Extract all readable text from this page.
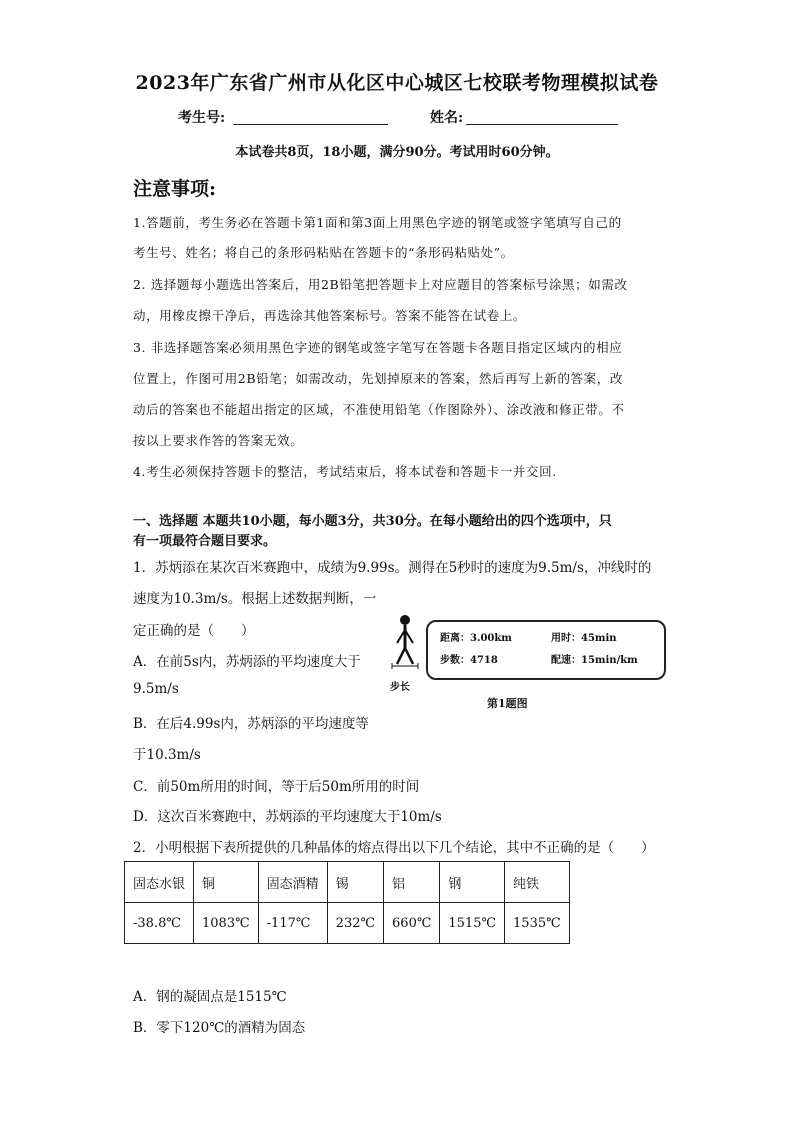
2023年广东省广州市从化区中心城区七校联考物理模拟试卷
考生号:	姓名:
本试卷共8页，18小题，满分90分。考试用时60分钟。
注意事项:
1.答题前，考生务必在答题卡第1面和第3面上用黑色字迹的钢笔或签字笔填写自己的
考生号、姓名；将自己的条形码粘贴在答题卡的“条形码粘贴处”。
2. 选择题每小题选出答案后，用2B铅笔把答题卡上对应题目的答案标号涂黑；如需改
动，用橡皮擦干净后，再选涂其他答案标号。答案不能答在试卷上。
3. 非选择题答案必须用黑色字迹的钢笔或签字笔写在答题卡各题目指定区域内的相应
位置上，作图可用2B铅笔；如需改动，先划掉原来的答案，然后再写上新的答案，改
动后的答案也不能超出指定的区域，不准使用铅笔（作图除外）、涂改液和修正带。不
按以上要求作答的答案无效。
4.考生必须保持答题卡的整洁，考试结束后，将本试卷和答题卡一并交回.
一、选择题 本题共10小题，每小题3分，共30分。在每小题给出的四个选项中，只
有一项最符合题目要求。
1．苏炳添在某次百米赛跑中，成绩为9.99s。测得在5秒时的速度为9.5m/s，冲线时的
速度为10.3m/s。根据上述数据判断，一
定正确的是（　　）
A．在前5s内，苏炳添的平均速度大于
9.5m/s
B．在后4.99s内，苏炳添的平均速度等
于10.3m/s
C．前50m所用的时间，等于后50m所用的时间
D．这次百米赛跑中，苏炳添的平均速度大于10m/s
步长
距离：3.00km	用时：45min
步数：4718	配速：15min/km
第1题图
2．小明根据下表所提供的几种晶体的熔点得出以下几个结论，其中不正确的是（　　）
固态水银	铜	固态酒精	锡	铝	钢	纯铁
-38.8℃	1083℃	-117℃	232℃	660℃	1515℃	1535℃
A．钢的凝固点是1515℃
B．零下120℃的酒精为固态
